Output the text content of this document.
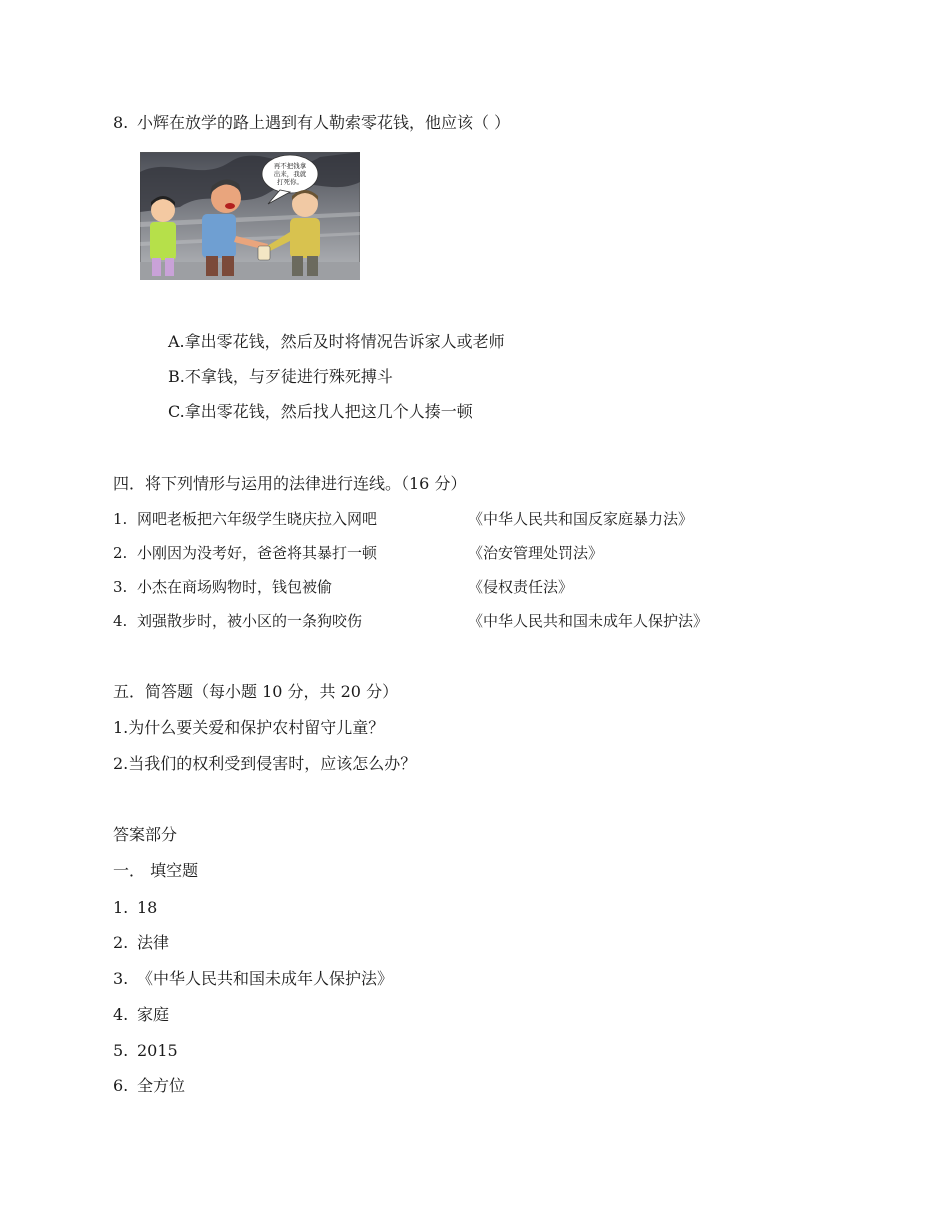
8. 小辉在放学的路上遇到有人勒索零花钱，他应该（ ）
再不把钱拿
出来，我就
打死你。
A.拿出零花钱，然后及时将情况告诉家人或老师
B.不拿钱，与歹徒进行殊死搏斗
C.拿出零花钱，然后找人把这几个人揍一顿
四．将下列情形与运用的法律进行连线。（16 分）
1. 网吧老板把六年级学生晓庆拉入网吧	《中华人民共和国反家庭暴力法》
2. 小刚因为没考好，爸爸将其暴打一顿	《治安管理处罚法》
3. 小杰在商场购物时，钱包被偷	《侵权责任法》
4. 刘强散步时，被小区的一条狗咬伤	《中华人民共和国未成年人保护法》
五．简答题（每小题 10 分，共 20 分）
1.为什么要关爱和保护农村留守儿童？
2.当我们的权利受到侵害时，应该怎么办？
答案部分
一． 填空题
1. 18
2. 法律
3. 《中华人民共和国未成年人保护法》
4. 家庭
5. 2015
6. 全方位
